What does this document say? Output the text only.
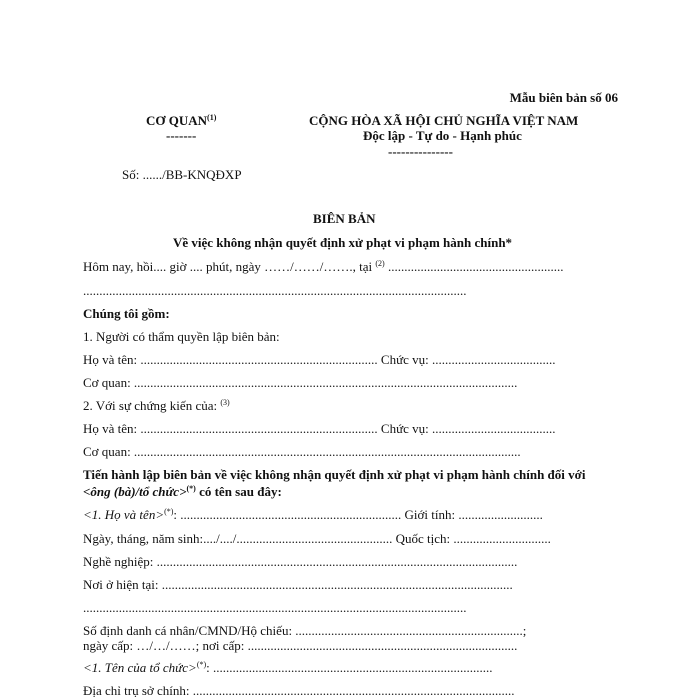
Mẫu biên bản số 06
CƠ QUAN$^{(1)}$
-------
CỘNG HÒA XÃ HỘI CHỦ NGHĨA VIỆT NAM
Độc lập - Tự do - Hạnh phúc
---------------
Số: ....../BB-KNQĐXP
BIÊN BẢN
Về việc không nhận quyết định xử phạt vi phạm hành chính*
Hôm nay, hồi.... giờ .... phút, ngày ……/……/……., tại $^{(2)}$ ......................................................
......................................................................................................................
Chúng tôi gồm:
1. Người có thẩm quyền lập biên bản:
Họ và tên: ......................................................................... Chức vụ: ......................................
Cơ quan: ......................................................................................................................
2. Với sự chứng kiến của: $^{(3)}$
Họ và tên: ......................................................................... Chức vụ: ......................................
Cơ quan: .......................................................................................................................
Tiến hành lập biên bản về việc không nhận quyết định xử phạt vi phạm hành chính đối với
<ông (bà)/tổ chức>(*) có tên sau đây:
<1. Họ và tên>(*): .................................................................... Giới tính: ..........................
Ngày, tháng, năm sinh:..../..../................................................ Quốc tịch: ..............................
Nghề nghiệp: ...............................................................................................................
Nơi ở hiện tại: ............................................................................................................
......................................................................................................................
Số định danh cá nhân/CMND/Hộ chiếu: ......................................................................;
ngày cấp: …/…/……; nơi cấp: ...................................................................................
<1. Tên của tổ chức>(*): ......................................................................................
Địa chỉ trụ sở chính: ...................................................................................................
